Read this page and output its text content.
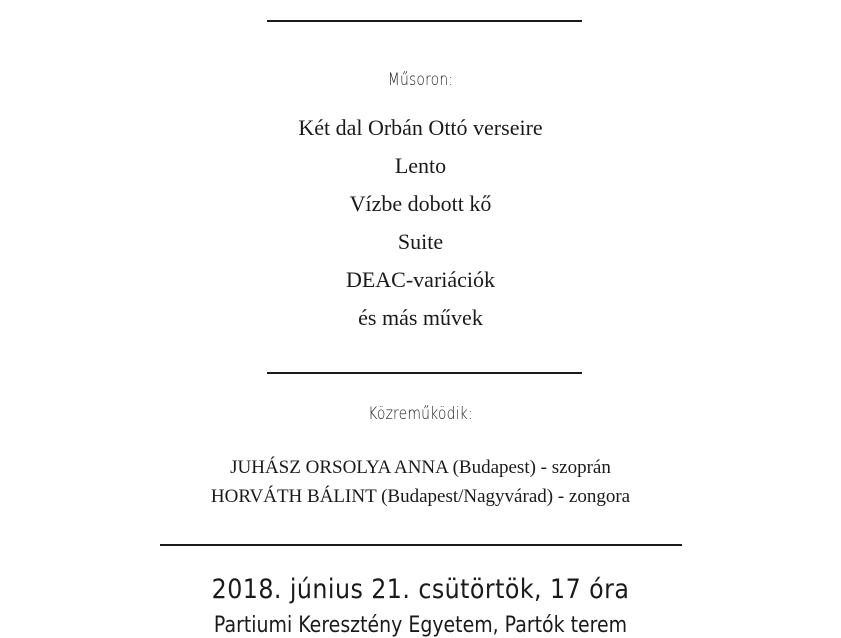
Műsoron:
Két dal Orbán Ottó verseire
Lento
Vízbe dobott kő
Suite
DEAC-variációk
és más művek
Közreműködik:
JUHÁSZ ORSOLYA ANNA (Budapest) - szoprán
HORVÁTH BÁLINT (Budapest/Nagyvárad) - zongora
2018. június 21. csütörtök, 17 óra
Partiumi Keresztény Egyetem, Partók terem
